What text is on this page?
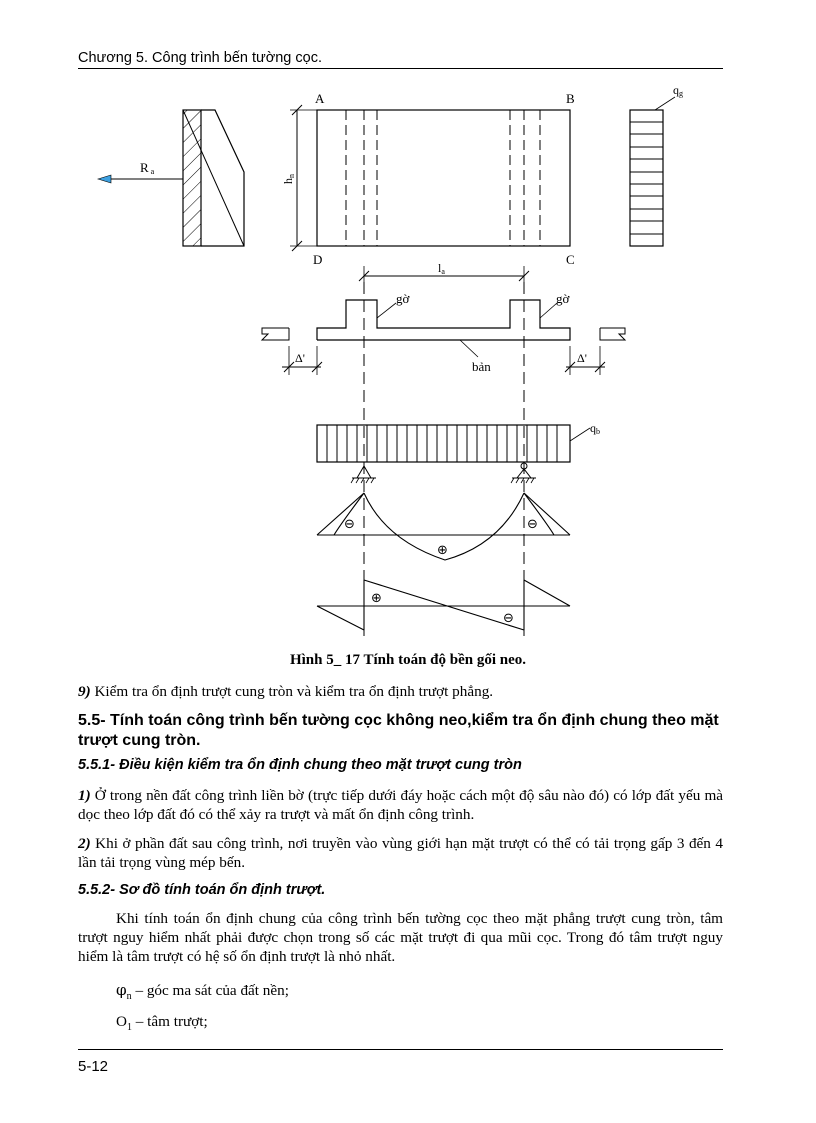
Chương 5. Công trình bến tường cọc.
Ra
A	B
D	C
hn
qg
la
gờ	gờ
bản
Δ'	Δ'
qb
⊖	⊖
⊕
⊕
⊖
Hình 5_ 17 Tính toán độ bền gối neo.
9) Kiểm tra ổn định trượt cung tròn và kiểm tra ổn định trượt phẳng.
5.5- Tính toán công trình bến tường cọc không neo,kiểm tra ổn định chung theo mặt trượt cung tròn.
5.5.1- Điều kiện kiểm tra ổn định chung theo mặt trượt cung tròn
1) Ở trong nền đất công trình liền bờ (trực tiếp dưới đáy hoặc cách một độ sâu nào đó) có lớp đất yếu mà dọc theo lớp đất đó có thể xảy ra trượt và mất ổn định công trình.
2) Khi ở phần đất sau công trình, nơi truyền vào vùng giới hạn mặt trượt có thể có tải trọng gấp 3 đến 4 lần tải trọng vùng mép bến.
5.5.2- Sơ đồ tính toán ổn định trượt.
Khi tính toán ổn định chung của công trình bến tường cọc theo mặt phẳng trượt cung tròn, tâm trượt nguy hiểm nhất phải được chọn trong số các mặt trượt đi qua mũi cọc. Trong đó tâm trượt nguy hiểm là tâm trượt có hệ số ổn định trượt là nhỏ nhất.
$\varphi_n$ – góc ma sát của đất nền;
$O_1$ – tâm trượt;
5-12
